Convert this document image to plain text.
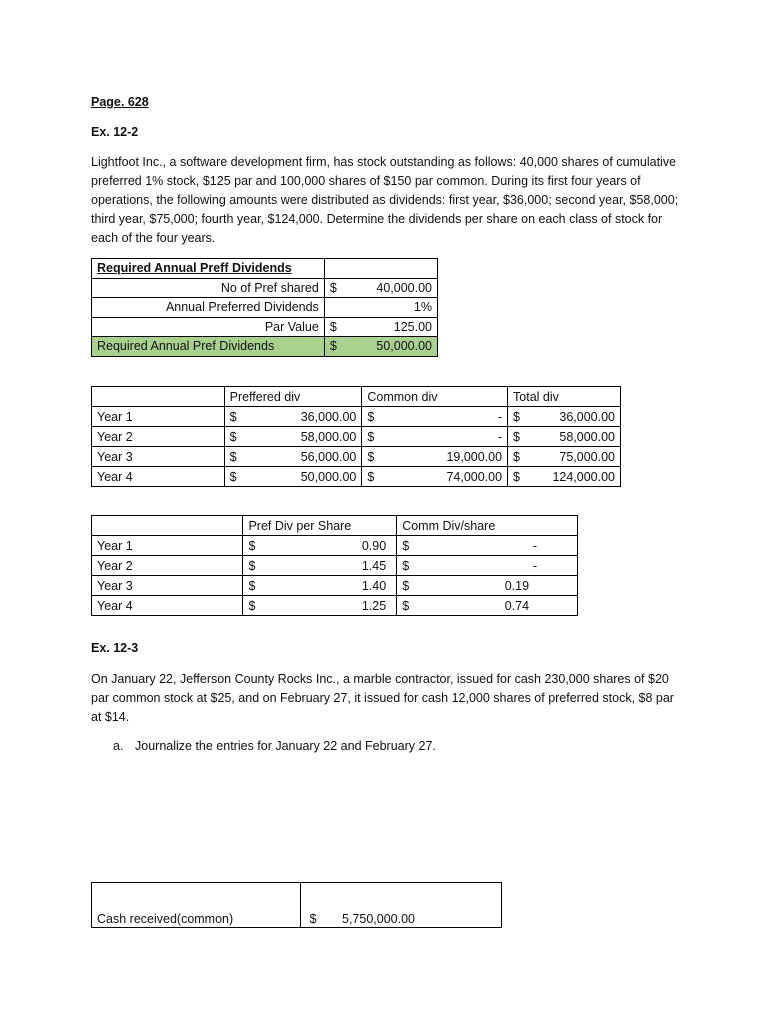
Page. 628
Ex. 12-2

Lightfoot Inc., a software development firm, has stock outstanding as follows: 40,000 shares of cumulative preferred 1% stock, $125 par and 100,000 shares of $150 par common. During its first four years of operations, the following amounts were distributed as dividends: first year, $36,000; second year, $58,000; third year, $75,000; fourth year, $124,000. Determine the dividends per share on each class of stock for each of the four years.

Required Annual Preff Dividends		
No of Pref shared	$	40,000.00
Annual Preferred Dividends		1%
Par Value	$	125.00
Required Annual Pref Dividends	$	50,000.00
	Preffered div		Common div		Total div	
Year 1	$	36,000.00	$	-	$	36,000.00
Year 2	$	58,000.00	$	-	$	58,000.00
Year 3	$	56,000.00	$	19,000.00	$	75,000.00
Year 4	$	50,000.00	$	74,000.00	$	124,000.00
	Pref Div per Share		Comm Div/share	
Year 1	$	0.90	$	-
Year 2	$	1.45	$	-
Year 3	$	1.40	$	0.19
Year 4	$	1.25	$	0.74
Ex. 12-3

On January 22, Jefferson County Rocks Inc., a marble contractor, issued for cash 230,000 shares of $20 par common stock at $25, and on February 27, it issued for cash 12,000 shares of preferred stock, $8 par at $14.

a. Journalize the entries for January 22 and February 27.
Cash received(common)	$ 5,750,000.00
